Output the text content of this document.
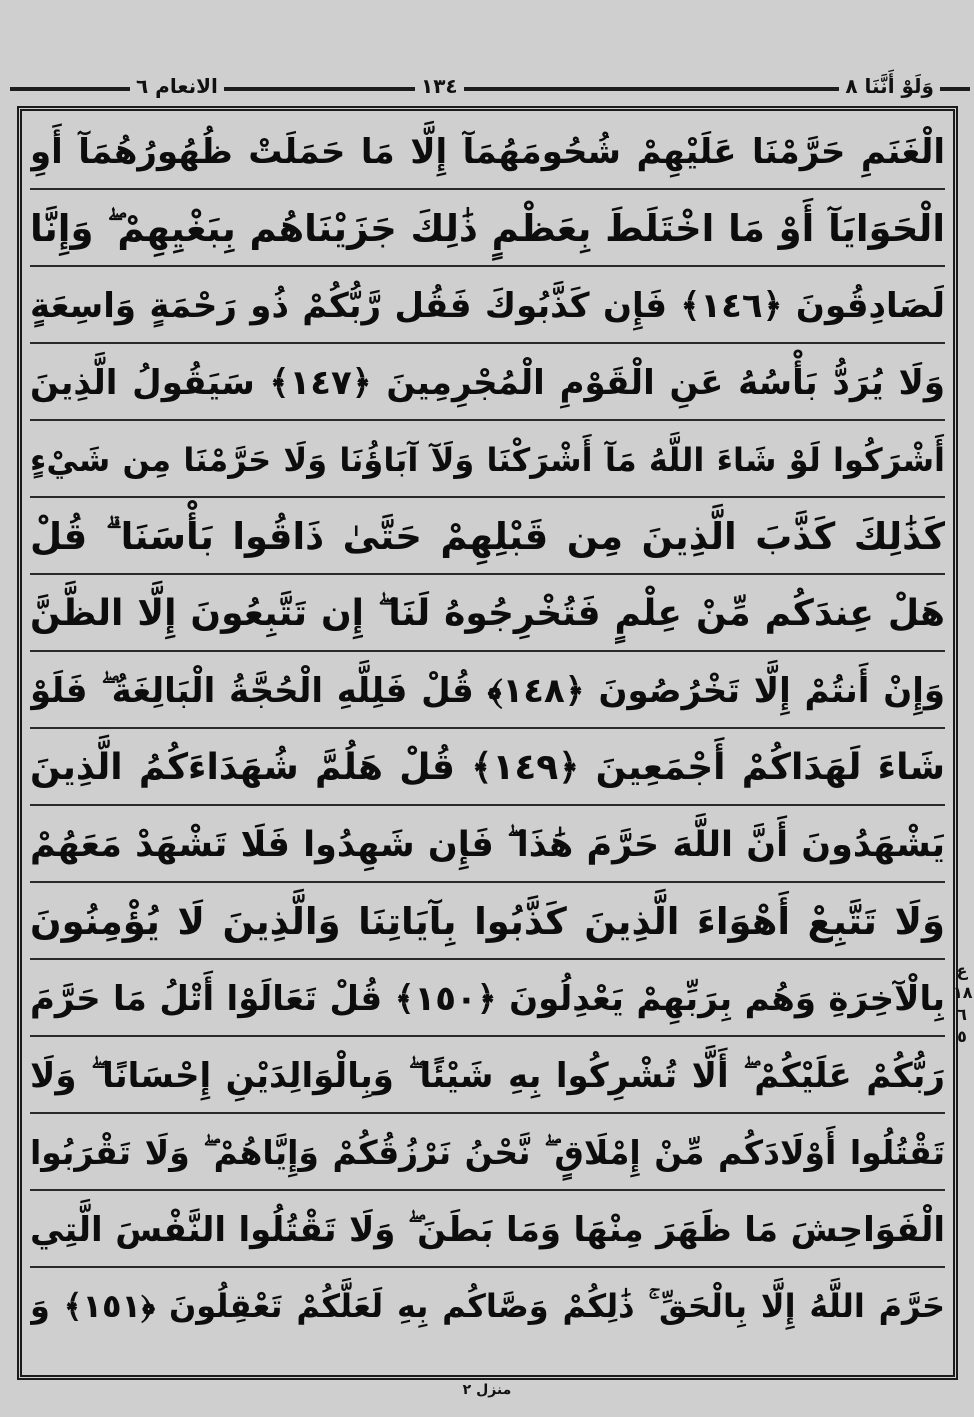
وَلَوْ أَنَّنَا ٨
١٣٤
الانعام ٦
الْغَنَمِ حَرَّمْنَا عَلَيْهِمْ شُحُومَهُمَآ إِلَّا مَا حَمَلَتْ ظُهُورُهُمَآ أَوِ
الْحَوَايَآ أَوْ مَا اخْتَلَطَ بِعَظْمٍ ذَٰلِكَ جَزَيْنَاهُم بِبَغْيِهِمْ ۖ وَإِنَّا
لَصَادِقُونَ ﴿١٤٦﴾ فَإِن كَذَّبُوكَ فَقُل رَّبُّكُمْ ذُو رَحْمَةٍ وَاسِعَةٍ
وَلَا يُرَدُّ بَأْسُهُ عَنِ الْقَوْمِ الْمُجْرِمِينَ ﴿١٤٧﴾ سَيَقُولُ الَّذِينَ
أَشْرَكُوا لَوْ شَاءَ اللَّهُ مَآ أَشْرَكْنَا وَلَآ آبَاؤُنَا وَلَا حَرَّمْنَا مِن شَيْءٍ
كَذَٰلِكَ كَذَّبَ الَّذِينَ مِن قَبْلِهِمْ حَتَّىٰ ذَاقُوا بَأْسَنَا ۗ قُلْ
هَلْ عِندَكُم مِّنْ عِلْمٍ فَتُخْرِجُوهُ لَنَا ۖ إِن تَتَّبِعُونَ إِلَّا الظَّنَّ
وَإِنْ أَنتُمْ إِلَّا تَخْرُصُونَ ﴿١٤٨﴾ قُلْ فَلِلَّهِ الْحُجَّةُ الْبَالِغَةُ ۖ فَلَوْ
شَاءَ لَهَدَاكُمْ أَجْمَعِينَ ﴿١٤٩﴾ قُلْ هَلُمَّ شُهَدَاءَكُمُ الَّذِينَ
يَشْهَدُونَ أَنَّ اللَّهَ حَرَّمَ هَٰذَا ۖ فَإِن شَهِدُوا فَلَا تَشْهَدْ مَعَهُمْ
وَلَا تَتَّبِعْ أَهْوَاءَ الَّذِينَ كَذَّبُوا بِآيَاتِنَا وَالَّذِينَ لَا يُؤْمِنُونَ
بِالْآخِرَةِ وَهُم بِرَبِّهِمْ يَعْدِلُونَ ﴿١٥٠﴾ قُلْ تَعَالَوْا أَتْلُ مَا حَرَّمَ
رَبُّكُمْ عَلَيْكُمْ ۖ أَلَّا تُشْرِكُوا بِهِ شَيْئًا ۖ وَبِالْوَالِدَيْنِ إِحْسَانًا ۖ وَلَا
تَقْتُلُوا أَوْلَادَكُم مِّنْ إِمْلَاقٍ ۖ نَّحْنُ نَرْزُقُكُمْ وَإِيَّاهُمْ ۖ وَلَا تَقْرَبُوا
الْفَوَاحِشَ مَا ظَهَرَ مِنْهَا وَمَا بَطَنَ ۖ وَلَا تَقْتُلُوا النَّفْسَ الَّتِي
حَرَّمَ اللَّهُ إِلَّا بِالْحَقِّ ۚ ذَٰلِكُمْ وَصَّاكُم بِهِ لَعَلَّكُمْ تَعْقِلُونَ ﴿١٥١﴾ وَ
ع
١٨
٦
٥
منزل ٢
